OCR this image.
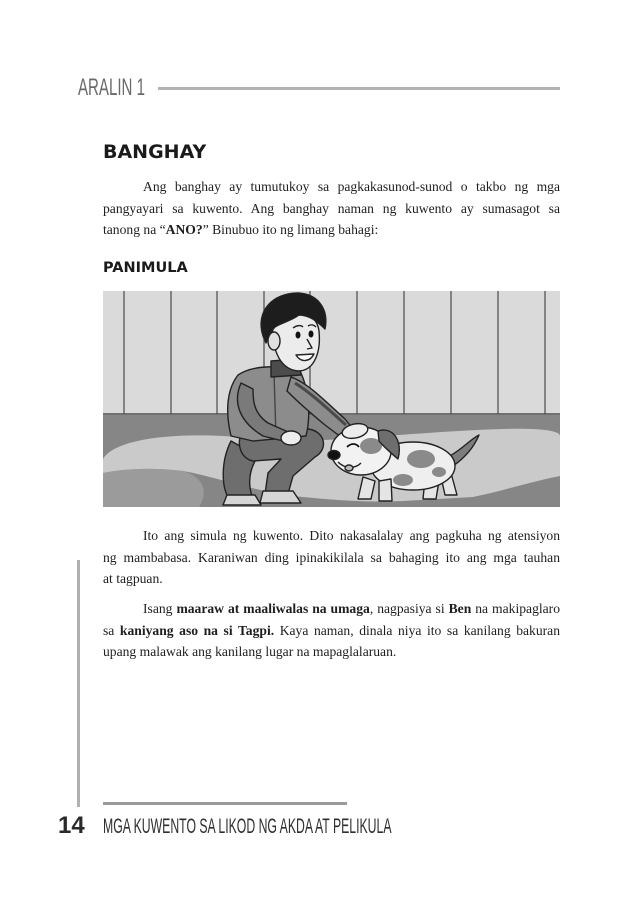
ARALIN 1
BANGHAY
Ang banghay ay tumutukoy sa pagkakasunod-sunod o takbo ng mga
pangyayari sa kuwento. Ang banghay naman ng kuwento ay sumasagot sa
tanong na “ANO?” Binubuo ito ng limang bahagi:
PANIMULA
Ito ang simula ng kuwento. Dito nakasalalay ang pagkuha ng atensiyon
ng mambabasa. Karaniwan ding ipinakikilala sa bahaging ito ang mga tauhan
at tagpuan.
Isang maaraw at maaliwalas na umaga, nagpasiya si Ben na makipaglaro
sa kaniyang aso na si Tagpi. Kaya naman, dinala niya ito sa kanilang bakuran
upang malawak ang kanilang lugar na mapaglalaruan.
14 MGA KUWENTO SA LIKOD NG AKDA AT PELIKULA
